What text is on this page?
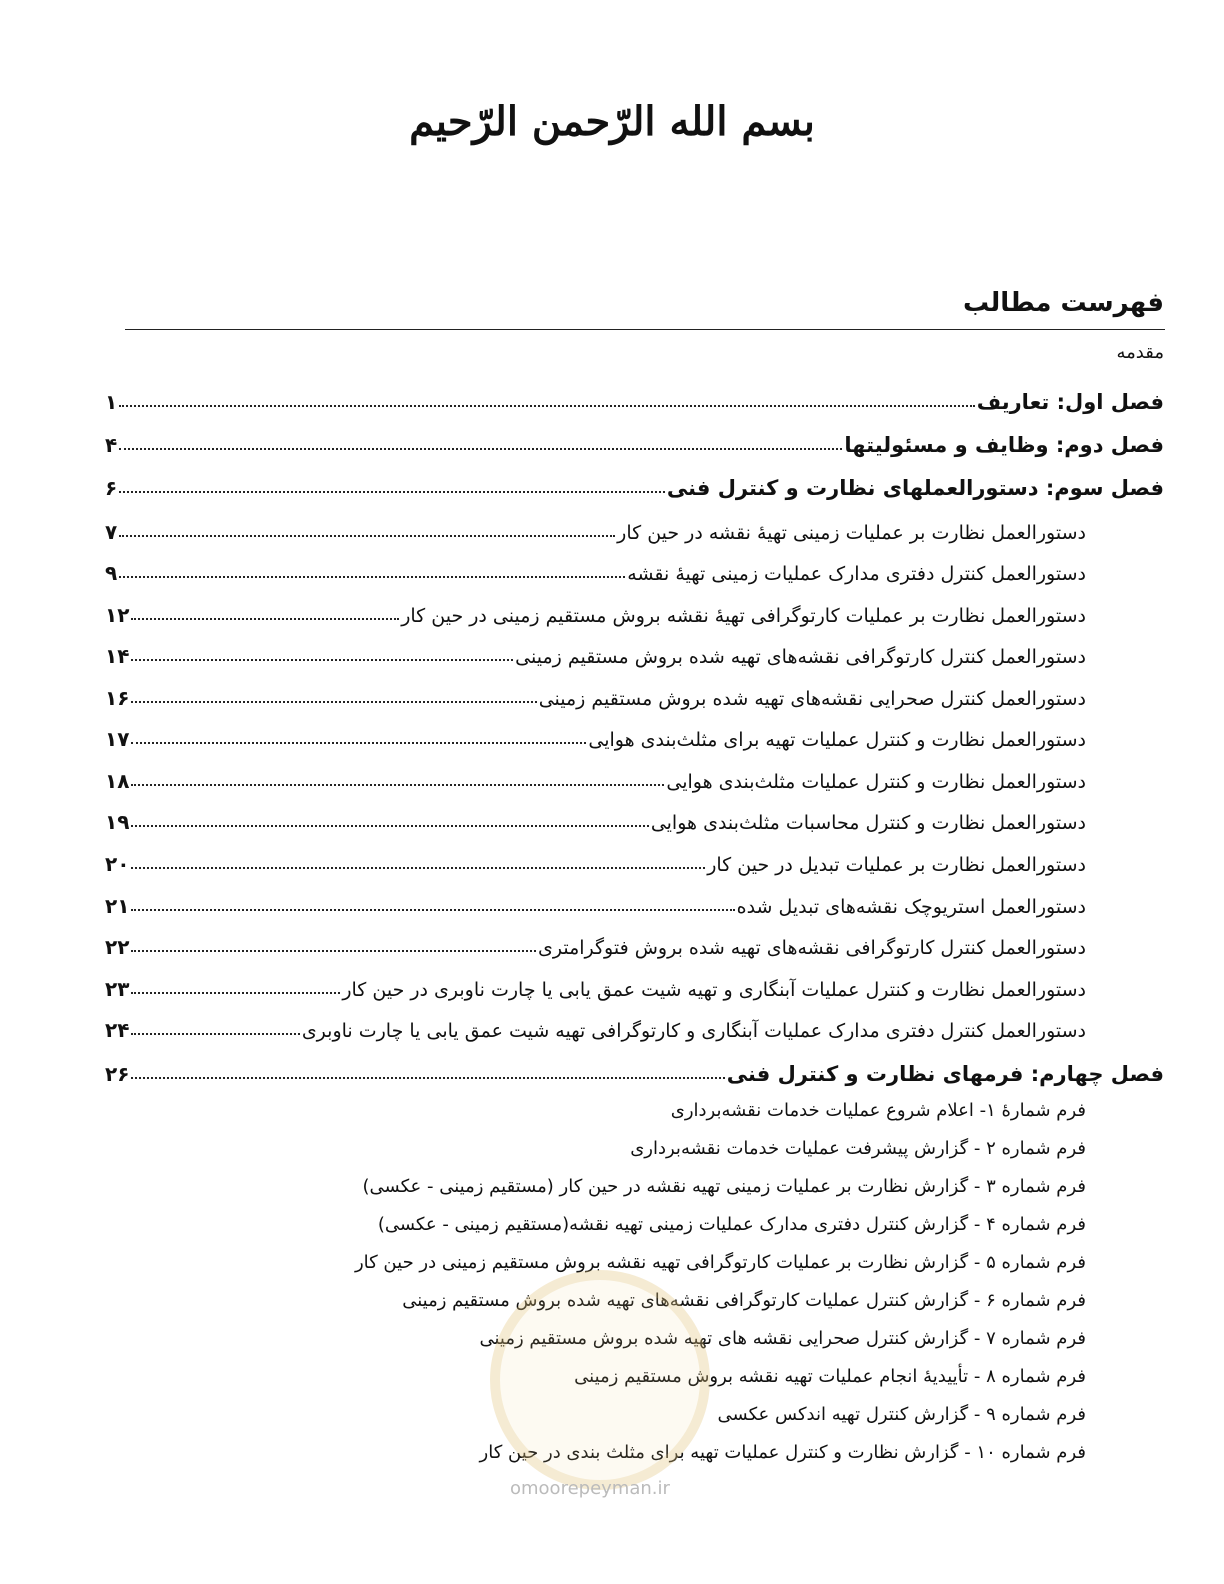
بسم الله الرّحمن الرّحیم
فهرست مطالب
مقدمه
فصل اول: تعاریف
۱
فصل دوم: وظایف و مسئولیتها
۴
فصل سوم: دستورالعملهای نظارت و کنترل فنی
۶
دستورالعمل نظارت بر عملیات زمینی تهیهٔ نقشه در حین کار
۷
دستورالعمل کنترل دفتری مدارک عملیات زمینی تهیهٔ نقشه
۹
دستورالعمل نظارت بر عملیات کارتوگرافی تهیهٔ نقشه بروش مستقیم زمینی در حین کار
۱۲
دستورالعمل کنترل کارتوگرافی نقشه‌های تهیه شده بروش مستقیم زمینی
۱۴
دستورالعمل کنترل صحرایی نقشه‌های تهیه شده بروش مستقیم زمینی
۱۶
دستورالعمل نظارت و کنترل عملیات تهیه برای مثلث‌بندی هوایی
۱۷
دستورالعمل نظارت و کنترل عملیات مثلث‌بندی هوایی
۱۸
دستورالعمل نظارت و کنترل محاسبات مثلث‌بندی هوایی
۱۹
دستورالعمل نظارت بر عملیات تبدیل در حین کار
۲۰
دستورالعمل استریوچک نقشه‌های تبدیل شده
۲۱
دستورالعمل کنترل کارتوگرافی نقشه‌های تهیه شده بروش فتوگرامتری
۲۲
دستورالعمل نظارت و کنترل عملیات آبنگاری و تهیه شیت عمق یابی یا چارت ناوبری در حین کار
۲۳
دستورالعمل کنترل دفتری مدارک عملیات آبنگاری و کارتوگرافی تهیه شیت عمق یابی یا چارت ناوبری
۲۴
فصل چهارم: فرمهای نظارت و کنترل فنی
۲۶
فرم شمارهٔ ۱- اعلام شروع عملیات خدمات نقشه‌برداری
فرم شماره ۲ - گزارش پیشرفت عملیات خدمات نقشه‌برداری
فرم شماره ۳ - گزارش نظارت بر عملیات زمینی تهیه نقشه در حین کار (مستقیم زمینی - عکسی)
فرم شماره ۴ - گزارش کنترل دفتری مدارک عملیات زمینی تهیه نقشه(مستقیم زمینی - عکسی)
فرم شماره ۵ - گزارش نظارت بر عملیات کارتوگرافی تهیه نقشه بروش مستقیم زمینی در حین کار
فرم شماره ۶ - گزارش کنترل عملیات کارتوگرافی نقشه‌های تهیه شده بروش مستقیم زمینی
فرم شماره ۷ - گزارش کنترل صحرایی نقشه های تهیه شده بروش مستقیم زمینی
فرم شماره ۸ - تأییدیهٔ انجام عملیات تهیه نقشه بروش مستقیم زمینی
فرم شماره ۹ - گزارش کنترل تهیه اندکس عکسی
فرم شماره ۱۰ - گزارش نظارت و کنترل عملیات تهیه برای مثلث بندی در حین کار
omoorepeyman.ir
